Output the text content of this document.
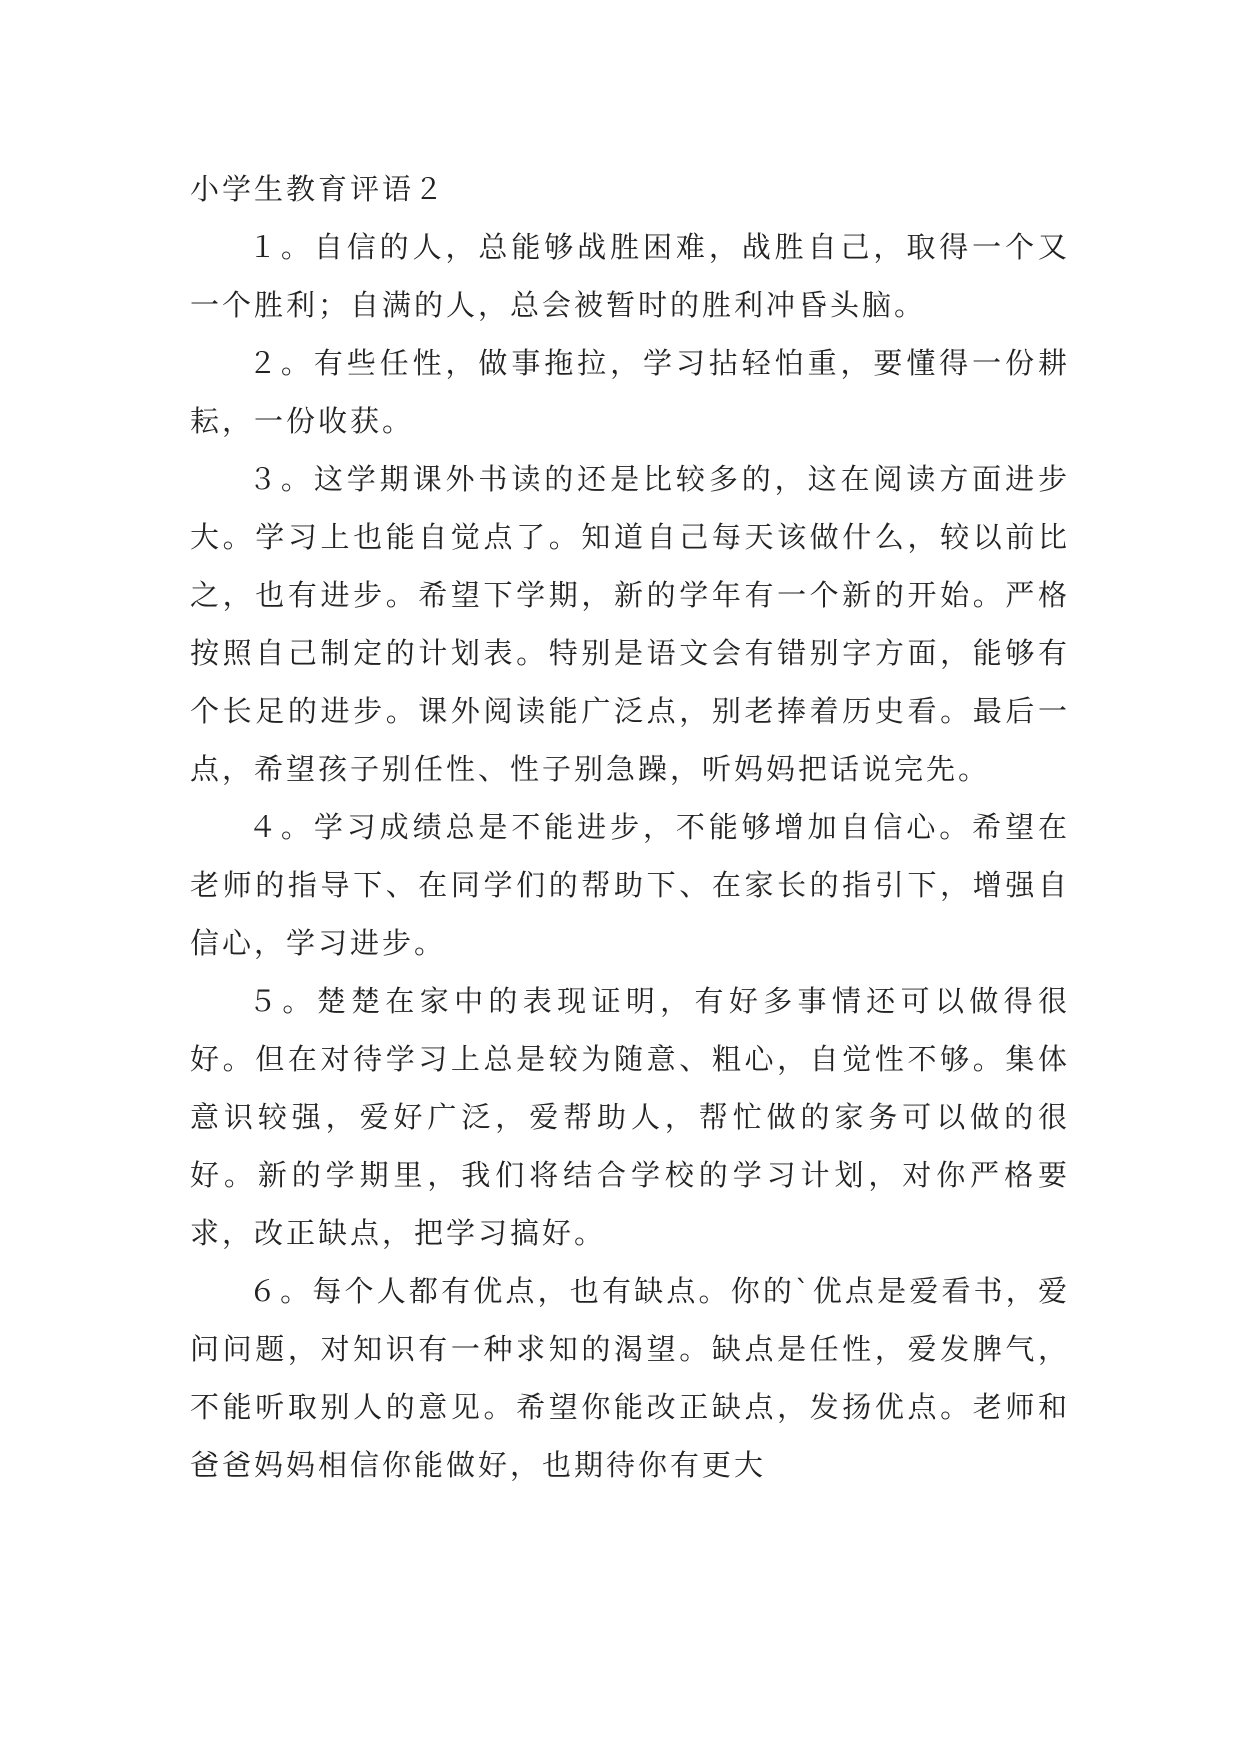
小学生教育评语２

１。自信的人，总能够战胜困难，战胜自己，取得一个又一个胜利；自满的人，总会被暂时的胜利冲昏头脑。

２。有些任性，做事拖拉，学习拈轻怕重，要懂得一份耕耘，一份收获。

３。这学期课外书读的还是比较多的，这在阅读方面进步大。学习上也能自觉点了。知道自己每天该做什么，较以前比之，也有进步。希望下学期，新的学年有一个新的开始。严格按照自己制定的计划表。特别是语文会有错别字方面，能够有个长足的进步。课外阅读能广泛点，别老捧着历史看。最后一点，希望孩子别任性、性子别急躁，听妈妈把话说完先。

４。学习成绩总是不能进步，不能够增加自信心。希望在老师的指导下、在同学们的帮助下、在家长的指引下，增强自信心，学习进步。

５。楚楚在家中的表现证明，有好多事情还可以做得很好。但在对待学习上总是较为随意、粗心，自觉性不够。集体意识较强，爱好广泛，爱帮助人，帮忙做的家务可以做的很好。新的学期里，我们将结合学校的学习计划，对你严格要求，改正缺点，把学习搞好。

６。每个人都有优点，也有缺点。你的`优点是爱看书，爱问问题，对知识有一种求知的渴望。缺点是任性，爱发脾气，不能听取别人的意见。希望你能改正缺点，发扬优点。老师和爸爸妈妈相信你能做好，也期待你有更大
